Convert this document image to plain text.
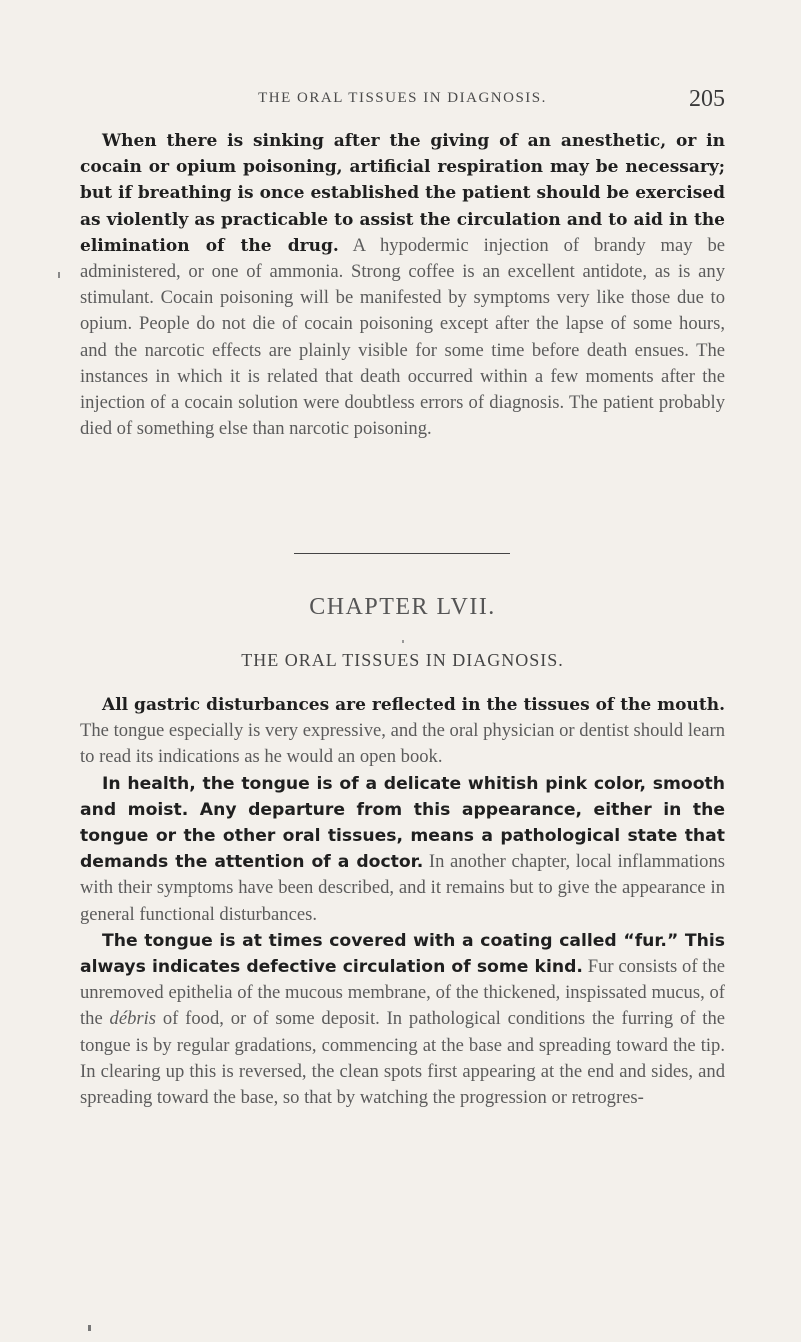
THE ORAL TISSUES IN DIAGNOSIS.	205

When there is sinking after the giving of an anesthetic, or in cocain or opium poisoning, artificial respiration may be necessary; but if breathing is once established the patient should be exercised as violently as practicable to assist the circulation and to aid in the elimination of the drug. A hypodermic injection of brandy may be administered, or one of ammonia. Strong coffee is an excellent antidote, as is any stimulant. Cocain poisoning will be manifested by symptoms very like those due to opium. People do not die of cocain poisoning except after the lapse of some hours, and the narcotic effects are plainly visible for some time before death ensues. The instances in which it is related that death occurred within a few moments after the injection of a cocain solution were doubtless errors of diagnosis. The patient probably died of something else than narcotic poisoning.

CHAPTER LVII.
THE ORAL TISSUES IN DIAGNOSIS.

All gastric disturbances are reflected in the tissues of the mouth. The tongue especially is very expressive, and the oral physician or dentist should learn to read its indications as he would an open book.

In health, the tongue is of a delicate whitish pink color, smooth and moist. Any departure from this appearance, either in the tongue or the other oral tissues, means a pathological state that demands the attention of a doctor. In another chapter, local inflammations with their symptoms have been described, and it remains but to give the appearance in general functional disturbances.

The tongue is at times covered with a coating called “fur.” This always indicates defective circulation of some kind. Fur consists of the unremoved epithelia of the mucous membrane, of the thickened, inspissated mucus, of the débris of food, or of some deposit. In pathological conditions the furring of the tongue is by regular gradations, commencing at the base and spreading toward the tip. In clearing up this is reversed, the clean spots first appearing at the end and sides, and spreading toward the base, so that by watching the progression or retrogres-
